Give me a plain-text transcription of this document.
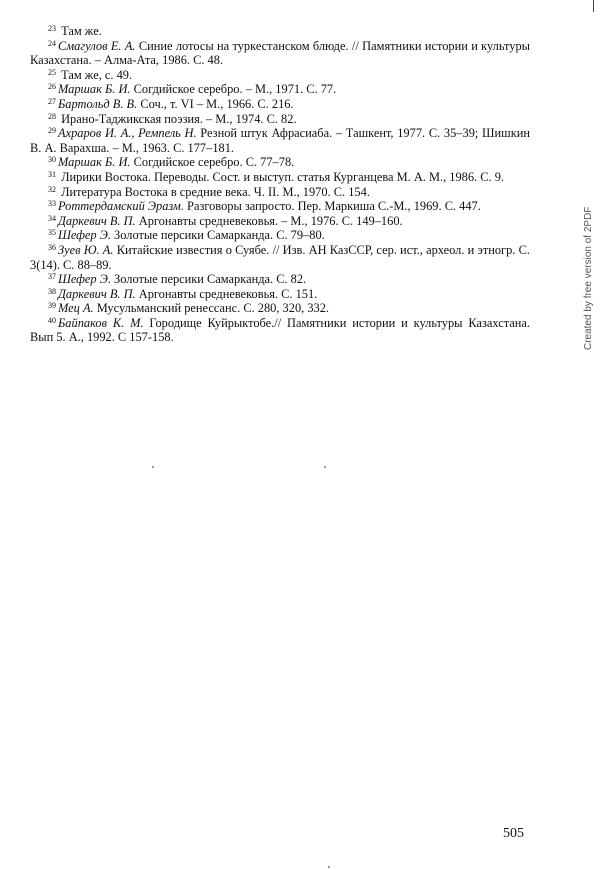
$^{23}$ Там же.

$^{24}$ Смагулов Е. А. Синие лотосы на туркестанском блюде. // Памятники истории и культуры Казахстана. – Алма-Ата, 1986. С. 48.

$^{25}$ Там же, с. 49.

$^{26}$ Маршак Б. И. Согдийское серебро. – М., 1971. С. 77.

$^{27}$ Бартольд В. В. Соч., т. VI – М., 1966. С. 216.

$^{28}$ Ирано-Таджикская поэзия. – М., 1974. С. 82.

$^{29}$ Ахраров И. А., Ремпель Н. Резной штук Афрасиаба. – Ташкент, 1977. С. 35–39; Шишкин В. А. Варахша. – М., 1963. С. 177–181.

$^{30}$ Маршак Б. И. Согдийское серебро. С. 77–78.

$^{31}$ Лирики Востока. Переводы. Сост. и выступ. статья Курганцева М. А. М., 1986. С. 9.

$^{32}$ Литература Востока в средние века. Ч. II. М., 1970. С. 154.

$^{33}$ Роттердамский Эразм. Разговоры запросто. Пер. Маркиша С.-М., 1969. С. 447.

$^{34}$ Даркевич В. П. Аргонавты средневековья. – М., 1976. С. 149–160.

$^{35}$ Шефер Э. Золотые персики Самарканда. С. 79–80.

$^{36}$ Зуев Ю. А. Китайские известия о Суябе. // Изв. АН КазССР, сер. ист., археол. и этногр. С. 3(14). С. 88–89.

$^{37}$ Шефер Э. Золотые персики Самарканда. С. 82.

$^{38}$ Даркевич В. П. Аргонавты средневековья. С. 151.

$^{39}$ Мец А. Мусульманский ренессанс. С. 280, 320, 332.

$^{40}$ Байпаков К. М. Городище Куйрыктобе.// Памятники истории и культуры Казахстана. Вып 5. А., 1992. С 157-158.

505
Created by free version of 2PDF
